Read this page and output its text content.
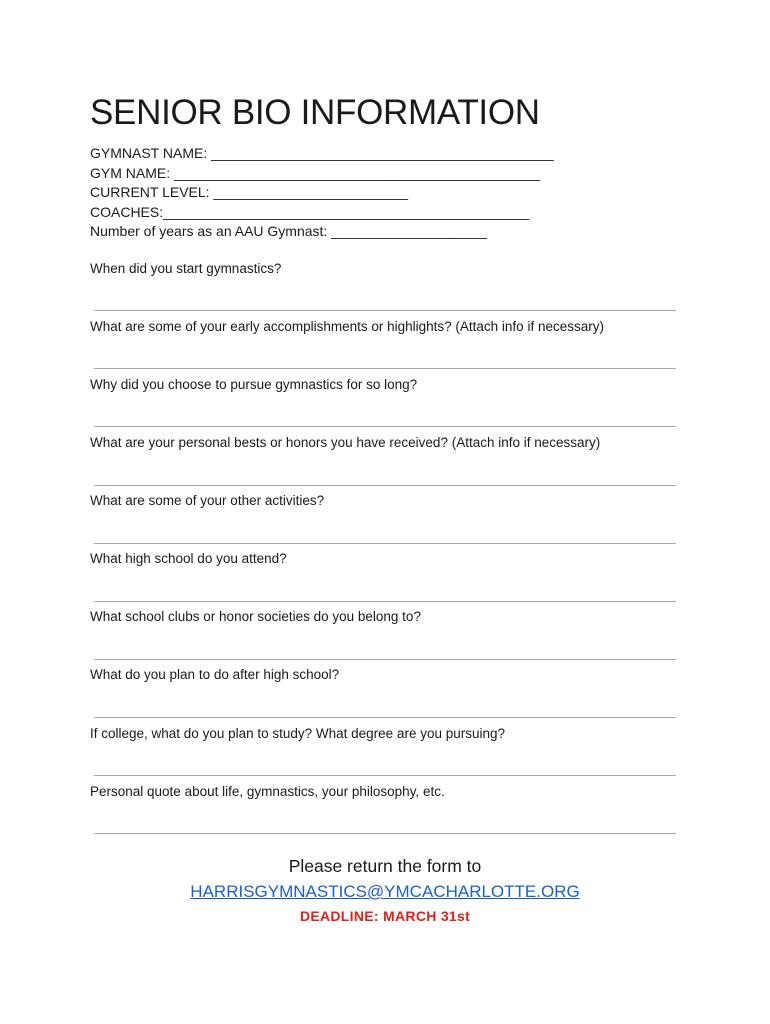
SENIOR BIO INFORMATION
GYMNAST NAME: ____________________________________________
GYM NAME: _______________________________________________
CURRENT LEVEL: _________________________
COACHES:_______________________________________________
Number of years as an AAU Gymnast: ____________________
When did you start gymnastics?
What are some of your early accomplishments or highlights? (Attach info if necessary)
Why did you choose to pursue gymnastics for so long?
What are your personal bests or honors you have received? (Attach info if necessary)
What are some of your other activities?
What high school do you attend?
What school clubs or honor societies do you belong to?
What do you plan to do after high school?
If college, what do you plan to study? What degree are you pursuing?
Personal quote about life, gymnastics, your philosophy, etc.
Please return the form to
HARRISGYMNASTICS@YMCACHARLOTTE.ORG
DEADLINE: MARCH 31st
